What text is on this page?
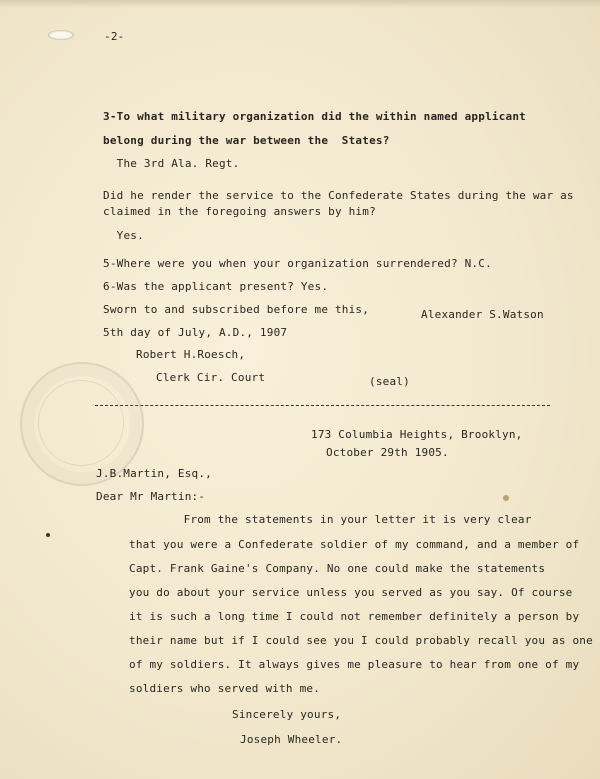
-2-
3-To what military organization did the within named applicant
belong during the war between the  States?
The 3rd Ala. Regt.
Did he render the service to the Confederate States during the war as
claimed in the foregoing answers by him?
Yes.
5-Where were you when your organization surrendered? N.C.
6-Was the applicant present? Yes.
Sworn to and subscribed before me this,	Alexander S.Watson
5th day of July, A.D., 1907
Robert H.Roesch,
Clerk Cir. Court	(seal)
173 Columbia Heights, Brooklyn,
October 29th 1905.
J.B.Martin, Esq.,
Dear Mr Martin:-
From the statements in your letter it is very clear
that you were a Confederate soldier of my command, and a member of
Capt. Frank Gaine's Company. No one could make the statements
you do about your service unless you served as you say. Of course
it is such a long time I could not remember definitely a person by
their name but if I could see you I could probably recall you as one
of my soldiers. It always gives me pleasure to hear from one of my
soldiers who served with me.
Sincerely yours,
Joseph Wheeler.
